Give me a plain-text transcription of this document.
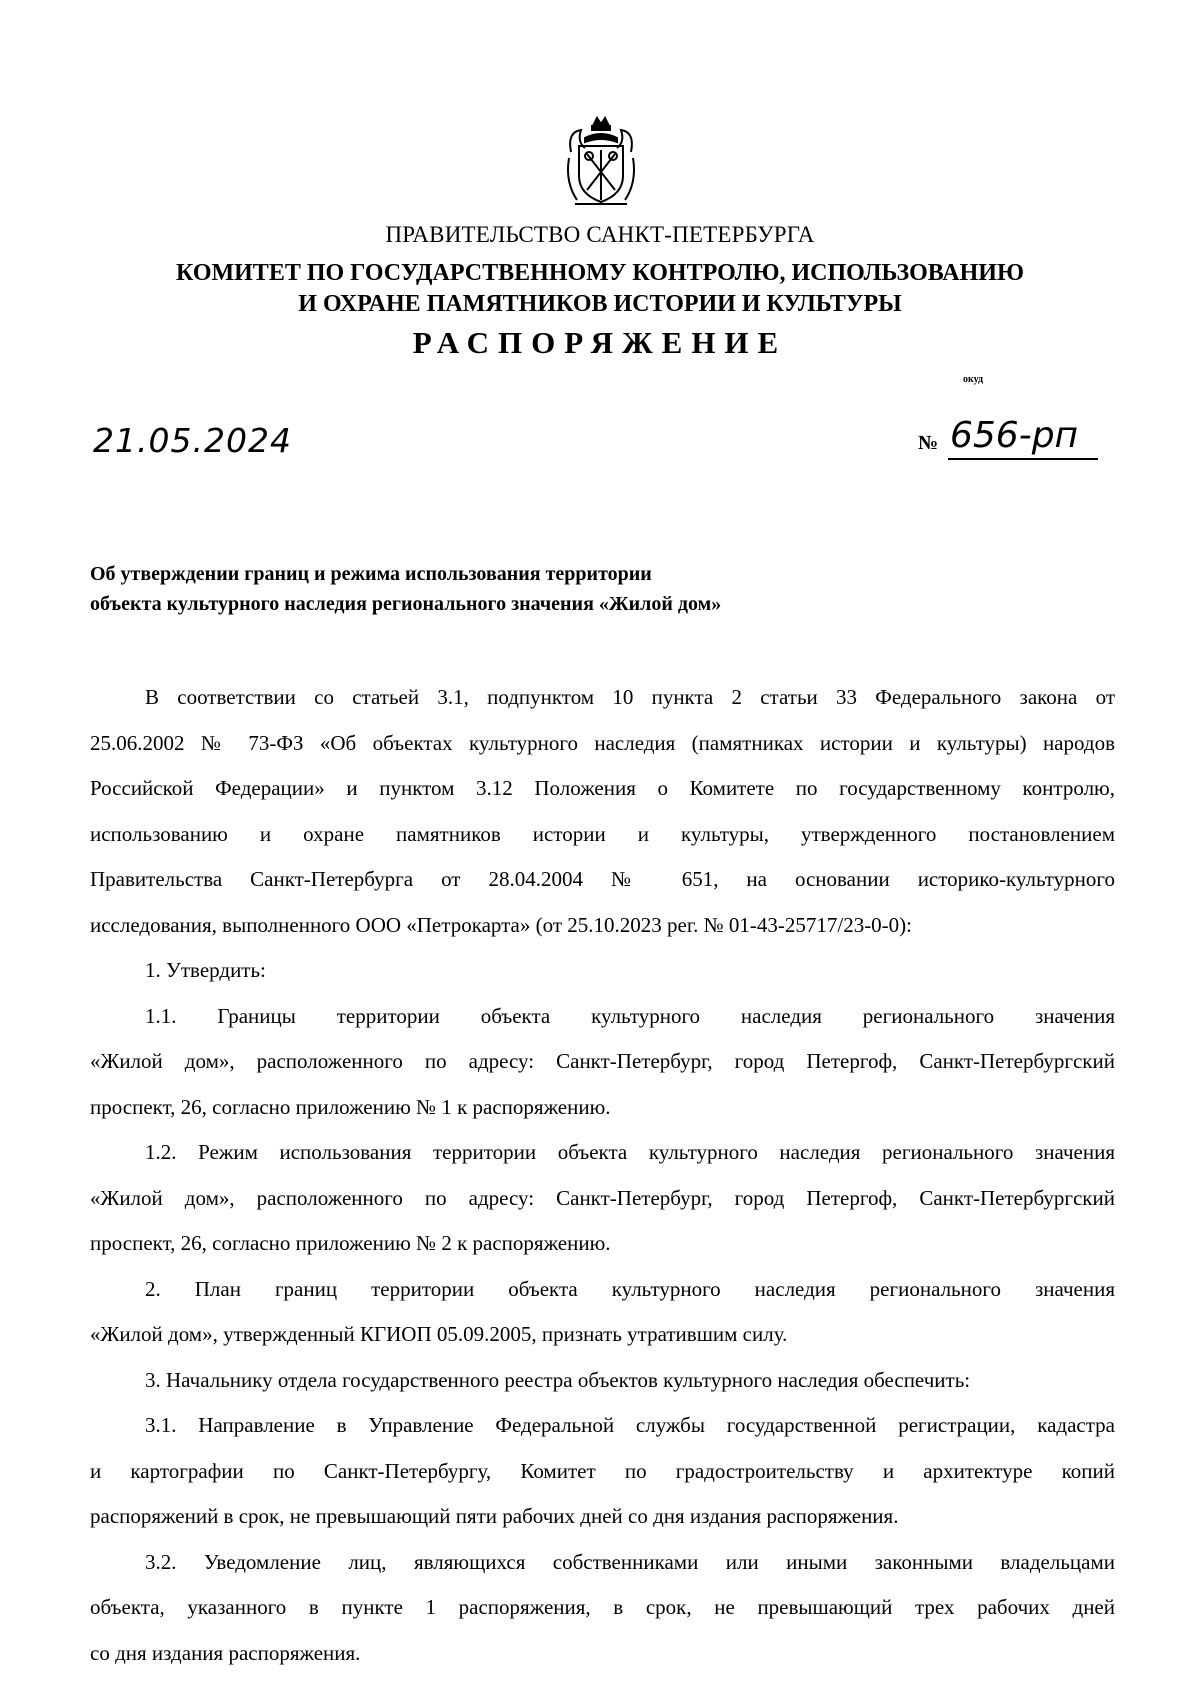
ПРАВИТЕЛЬСТВО САНКТ-ПЕТЕРБУРГА
КОМИТЕТ ПО ГОСУДАРСТВЕННОМУ КОНТРОЛЮ, ИСПОЛЬЗОВАНИЮ
И ОХРАНЕ ПАМЯТНИКОВ ИСТОРИИ И КУЛЬТУРЫ
РАСПОРЯЖЕНИЕ
окуд
21.05.2024	№ 656-рп
Об утверждении границ и режима использования территории
объекта культурного наследия регионального значения «Жилой дом»

В соответствии со статьей 3.1, подпунктом 10 пункта 2 статьи 33 Федерального закона от

25.06.2002 № 73-ФЗ «Об объектах культурного наследия (памятниках истории и культуры) народов

Российской Федерации» и пунктом 3.12 Положения о Комитете по государственному контролю,

использованию и охране памятников истории и культуры, утвержденного постановлением

Правительства Санкт-Петербурга от 28.04.2004 № 651, на основании историко-культурного

исследования, выполненного ООО «Петрокарта» (от 25.10.2023 рег. № 01-43-25717/23-0-0):

1. Утвердить:

1.1. Границы территории объекта культурного наследия регионального значения

«Жилой дом», расположенного по адресу: Санкт-Петербург, город Петергоф, Санкт-Петербургский

проспект, 26, согласно приложению № 1 к распоряжению.

1.2. Режим использования территории объекта культурного наследия регионального значения

«Жилой дом», расположенного по адресу: Санкт-Петербург, город Петергоф, Санкт-Петербургский

проспект, 26, согласно приложению № 2 к распоряжению.

2. План границ территории объекта культурного наследия регионального значения

«Жилой дом», утвержденный КГИОП 05.09.2005, признать утратившим силу.

3. Начальнику отдела государственного реестра объектов культурного наследия обеспечить:

3.1. Направление в Управление Федеральной службы государственной регистрации, кадастра

и картографии по Санкт-Петербургу, Комитет по градостроительству и архитектуре копий

распоряжений в срок, не превышающий пяти рабочих дней со дня издания распоряжения.

3.2. Уведомление лиц, являющихся собственниками или иными законными владельцами

объекта, указанного в пункте 1 распоряжения, в срок, не превышающий трех рабочих дней

со дня издания распоряжения.
